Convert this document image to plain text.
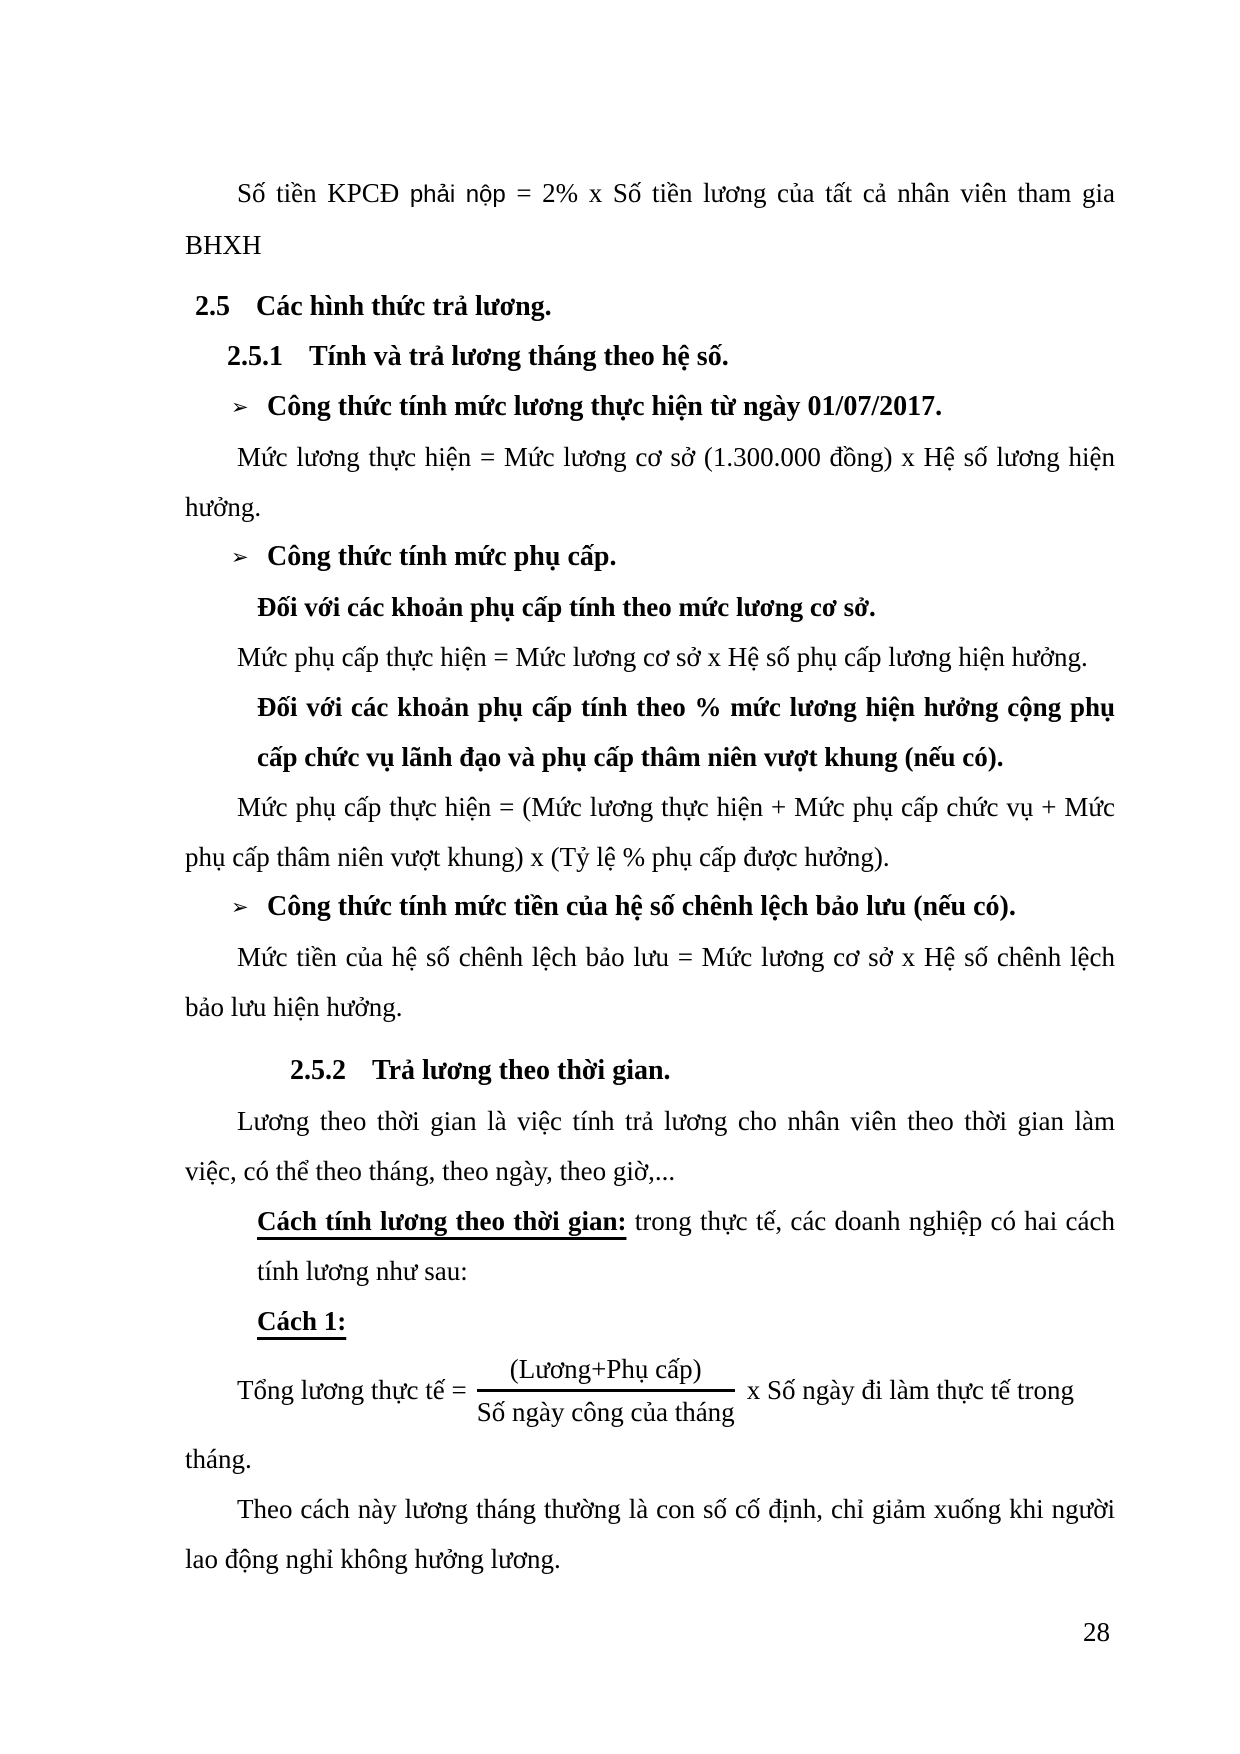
Số tiền KPCĐ phải nộp = 2% x Số tiền lương của tất cả nhân viên tham gia
BHXH
2.5 Các hình thức trả lương.
2.5.1 Tính và trả lương tháng theo hệ số.
➢ Công thức tính mức lương thực hiện từ ngày 01/07/2017.
Mức lương thực hiện = Mức lương cơ sở (1.300.000 đồng) x Hệ số lương hiện
hưởng.
➢ Công thức tính mức phụ cấp.
Đối với các khoản phụ cấp tính theo mức lương cơ sở.
Mức phụ cấp thực hiện = Mức lương cơ sở x Hệ số phụ cấp lương hiện hưởng.
Đối với các khoản phụ cấp tính theo % mức lương hiện hưởng cộng phụ
cấp chức vụ lãnh đạo và phụ cấp thâm niên vượt khung (nếu có).
Mức phụ cấp thực hiện = (Mức lương thực hiện + Mức phụ cấp chức vụ + Mức
phụ cấp thâm niên vượt khung) x (Tỷ lệ % phụ cấp được hưởng).
➢ Công thức tính mức tiền của hệ số chênh lệch bảo lưu (nếu có).
Mức tiền của hệ số chênh lệch bảo lưu = Mức lương cơ sở x Hệ số chênh lệch
bảo lưu hiện hưởng.
2.5.2 Trả lương theo thời gian.
Lương theo thời gian là việc tính trả lương cho nhân viên theo thời gian làm
việc, có thể theo tháng, theo ngày, theo giờ,...
Cách tính lương theo thời gian: trong thực tế, các doanh nghiệp có hai cách
tính lương như sau:
Cách 1:
Tổng lương thực tế = $\frac{\text{(Lương+Phụ cấp)}}{\text{Số ngày công của tháng}}$ x Số ngày đi làm thực tế trong
tháng.
Theo cách này lương tháng thường là con số cố định, chỉ giảm xuống khi người
lao động nghỉ không hưởng lương.
28
